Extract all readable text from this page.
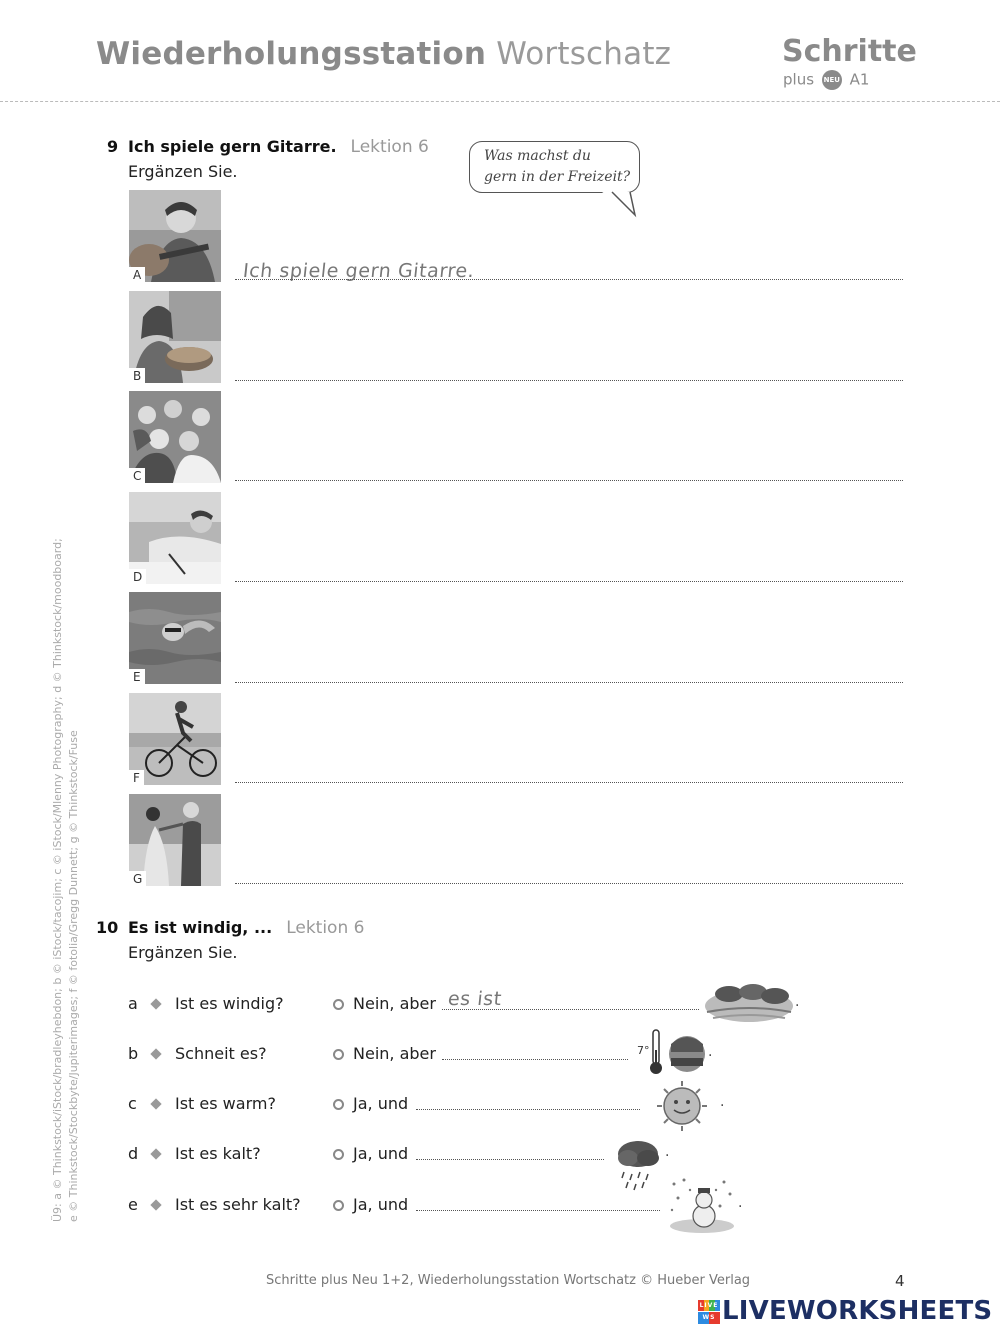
Wiederholungsstation Wortschatz	Schritte
plus NEU A1
9 Ich spiele gern Gitarre. Lektion 6
Ergänzen Sie.
Was machst du
gern in der Freizeit?
A	Ich spiele gern Gitarre.
B
C
D
E
F
G
10 Es ist windig, ... Lektion 6
Ergänzen Sie.
a Ist es windig?	Nein, aber es ist	.
b Schneit es?	Nein, aber	7°	.
c Ist es warm?	Ja, und	.
d Ist es kalt?	Ja, und	.
e Ist es sehr kalt?	Ja, und	.
Ü9: a © Thinkstock/iStock/bradleyhebdon; b © iStock/tacojim; c © iStock/Mlenny Photography; d © Thinkstock/moodboard; e © Thinkstock/Stockbyte/Jupiterimages; f © fotolia/Gregg Dunnett; g © Thinkstock/Fuse
Schritte plus Neu 1+2, Wiederholungsstation Wortschatz © Hueber Verlag	4
LIVE
WS LIVEWORKSHEETS
